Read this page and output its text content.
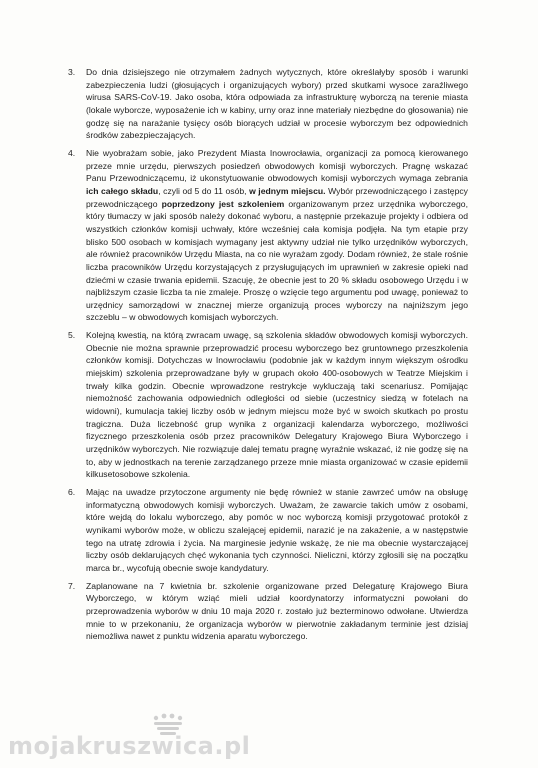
3. Do dnia dzisiejszego nie otrzymałem żadnych wytycznych, które określałyby sposób i warunki zabezpieczenia ludzi (głosujących i organizujących wybory) przed skutkami wysoce zaraźliwego wirusa SARS-CoV-19. Jako osoba, która odpowiada za infrastrukturę wyborczą na terenie miasta (lokale wyborcze, wyposażenie ich w kabiny, urny oraz inne materiały niezbędne do głosowania) nie godzę się na narażanie tysięcy osób biorących udział w procesie wyborczym bez odpowiednich środków zabezpieczających.

4. Nie wyobrażam sobie, jako Prezydent Miasta Inowrocławia, organizacji za pomocą kierowanego przeze mnie urzędu, pierwszych posiedzeń obwodowych komisji wyborczych. Pragnę wskazać Panu Przewodniczącemu, iż ukonstytuowanie obwodowych komisji wyborczych wymaga zebrania ich całego składu, czyli od 5 do 11 osób, w jednym miejscu. Wybór przewodniczącego i zastępcy przewodniczącego poprzedzony jest szkoleniem organizowanym przez urzędnika wyborczego, który tłumaczy w jaki sposób należy dokonać wyboru, a następnie przekazuje projekty i odbiera od wszystkich członków komisji uchwały, które wcześniej cała komisja podjęła. Na tym etapie przy blisko 500 osobach w komisjach wymagany jest aktywny udział nie tylko urzędników wyborczych, ale również pracowników Urzędu Miasta, na co nie wyrażam zgody. Dodam również, że stale rośnie liczba pracowników Urzędu korzystających z przysługujących im uprawnień w zakresie opieki nad dziećmi w czasie trwania epidemii. Szacuję, że obecnie jest to 20 % składu osobowego Urzędu i w najbliższym czasie liczba ta nie zmaleje. Proszę o wzięcie tego argumentu pod uwagę, ponieważ to urzędnicy samorządowi w znacznej mierze organizują proces wyborczy na najniższym jego szczeblu – w obwodowych komisjach wyborczych.

5. Kolejną kwestią, na którą zwracam uwagę, są szkolenia składów obwodowych komisji wyborczych. Obecnie nie można sprawnie przeprowadzić procesu wyborczego bez gruntownego przeszkolenia członków komisji. Dotychczas w Inowrocławiu (podobnie jak w każdym innym większym ośrodku miejskim) szkolenia przeprowadzane były w grupach około 400-osobowych w Teatrze Miejskim i trwały kilka godzin. Obecnie wprowadzone restrykcje wykluczają taki scenariusz. Pomijając niemożność zachowania odpowiednich odległości od siebie (uczestnicy siedzą w fotelach na widowni), kumulacja takiej liczby osób w jednym miejscu może być w swoich skutkach po prostu tragiczna. Duża liczebność grup wynika z organizacji kalendarza wyborczego, możliwości fizycznego przeszkolenia osób przez pracowników Delegatury Krajowego Biura Wyborczego i urzędników wyborczych. Nie rozwiązuje dalej tematu pragnę wyraźnie wskazać, iż nie godzę się na to, aby w jednostkach na terenie zarządzanego przeze mnie miasta organizować w czasie epidemii kilkusetosobowe szkolenia.

6. Mając na uwadze przytoczone argumenty nie będę również w stanie zawrzeć umów na obsługę informatyczną obwodowych komisji wyborczych. Uważam, że zawarcie takich umów z osobami, które wejdą do lokalu wyborczego, aby pomóc w noc wyborczą komisji przygotować protokół z wynikami wyborów może, w obliczu szalejącej epidemii, narazić je na zakażenie, a w następstwie tego na utratę zdrowia i życia. Na marginesie jedynie wskażę, że nie ma obecnie wystarczającej liczby osób deklarujących chęć wykonania tych czynności. Nieliczni, którzy zgłosili się na początku marca br., wycofują obecnie swoje kandydatury.

7. Zaplanowane na 7 kwietnia br. szkolenie organizowane przed Delegaturę Krajowego Biura Wyborczego, w którym wziąć mieli udział koordynatorzy informatyczni powołani do przeprowadzenia wyborów w dniu 10 maja 2020 r. zostało już bezterminowo odwołane. Utwierdza mnie to w przekonaniu, że organizacja wyborów w pierwotnie zakładanym terminie jest dzisiaj niemożliwa nawet z punktu widzenia aparatu wyborczego.

mojakruszwica.pl
